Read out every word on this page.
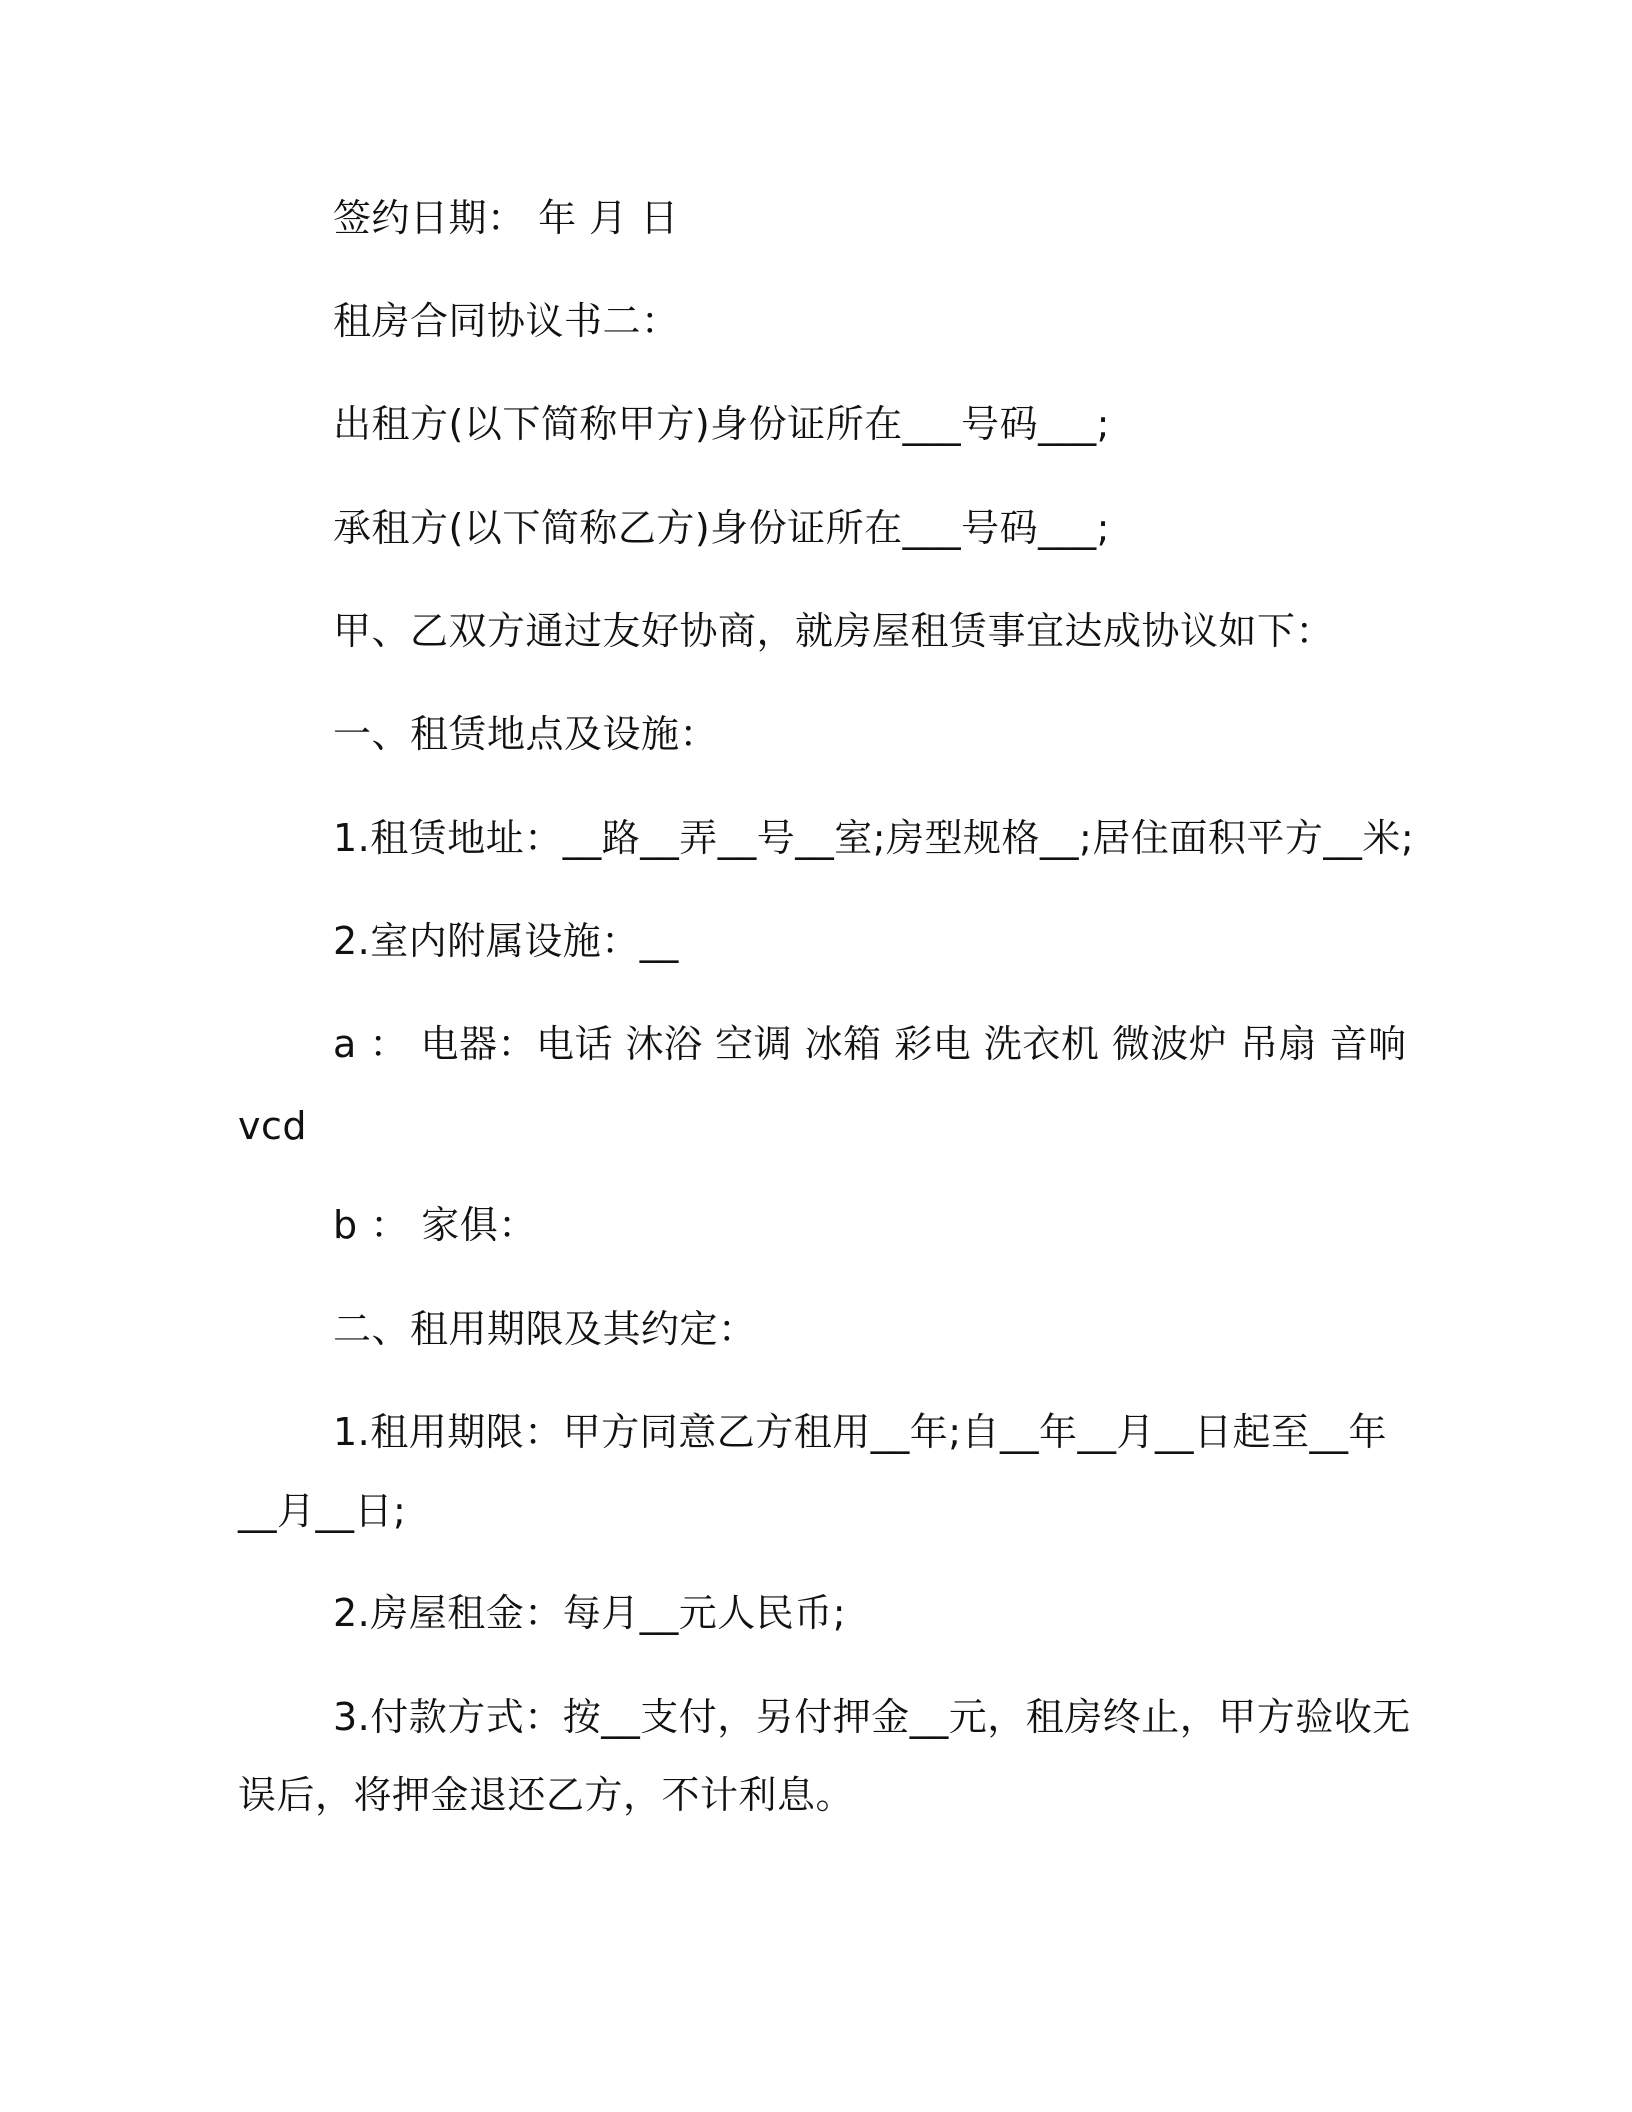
签约日期： 年 月 日
租房合同协议书二：
出租方(以下简称甲方)身份证所在___号码___;
承租方(以下简称乙方)身份证所在___号码___;
甲、乙双方通过友好协商，就房屋租赁事宜达成协议如下：
一、租赁地点及设施：
1.租赁地址：__路__弄__号__室;房型规格__;居住面积平方__米;
2.室内附属设施：__
a ： 电器：电话 沐浴 空调 冰箱 彩电 洗衣机 微波炉 吊扇 音响
vcd
b ： 家俱：
二、租用期限及其约定：
1.租用期限：甲方同意乙方租用__年;自__年__月__日起至__年
__月__日;
2.房屋租金：每月__元人民币;
3.付款方式：按__支付，另付押金__元，租房终止，甲方验收无
误后，将押金退还乙方，不计利息。
